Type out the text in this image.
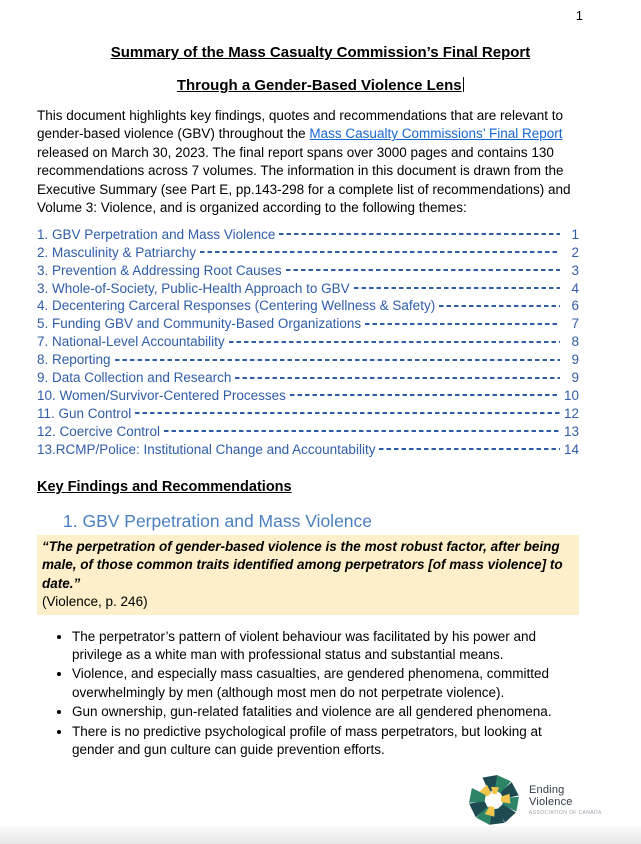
1
Summary of the Mass Casualty Commission’s Final Report
Through a Gender-Based Violence Lens

This document highlights key findings, quotes and recommendations that are relevant to gender-based violence (GBV) throughout the Mass Casualty Commissions’ Final Report released on March 30, 2023. The final report spans over 3000 pages and contains 130 recommendations across 7 volumes. The information in this document is drawn from the Executive Summary (see Part E, pp.143-298 for a complete list of recommendations) and Volume 3: Violence, and is organized according to the following themes:

1. GBV Perpetration and Mass Violence	1
2. Masculinity & Patriarchy	2
3. Prevention & Addressing Root Causes	3
3. Whole-of-Society, Public-Health Approach to GBV	4
4. Decentering Carceral Responses (Centering Wellness & Safety)	6
5. Funding GBV and Community-Based Organizations	7
7. National-Level Accountability	8
8. Reporting	9
9. Data Collection and Research	9
10. Women/Survivor-Centered Processes	10
11. Gun Control	12
12. Coercive Control	13
13.RCMP/Police: Institutional Change and Accountability	14
Key Findings and Recommendations
1. GBV Perpetration and Mass Violence
“The perpetration of gender-based violence is the most robust factor, after being male, of those common traits identified among perpetrators [of mass violence] to date.”
(Violence, p. 246)
• The perpetrator’s pattern of violent behaviour was facilitated by his power and privilege as a white man with professional status and substantial means.
• Violence, and especially mass casualties, are gendered phenomena, committed overwhelmingly by men (although most men do not perpetrate violence).
• Gun ownership, gun-related fatalities and violence are all gendered phenomena.
• There is no predictive psychological profile of mass perpetrators, but looking at gender and gun culture can guide prevention efforts.
Ending
Violence
ASSOCIATION OF CANADA
